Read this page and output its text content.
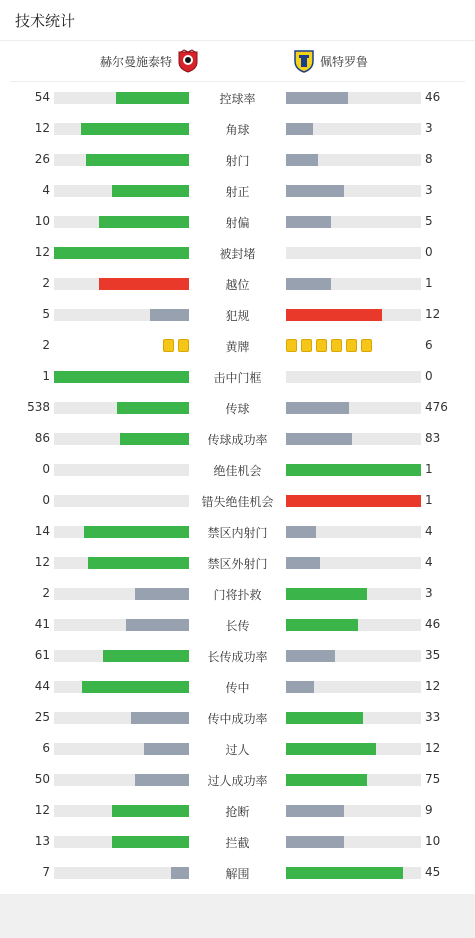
技术统计
赫尔曼施泰特	佩特罗鲁
54	控球率	46
12	角球	3
26	射门	8
4	射正	3
10	射偏	5
12	被封堵	0
2	越位	1
5	犯规	12
2	黄牌	6
1	击中门框	0
538	传球	476
86	传球成功率	83
0	绝佳机会	1
0	错失绝佳机会	1
14	禁区内射门	4
12	禁区外射门	4
2	门将扑救	3
41	长传	46
61	长传成功率	35
44	传中	12
25	传中成功率	33
6	过人	12
50	过人成功率	75
12	抢断	9
13	拦截	10
7	解围	45
